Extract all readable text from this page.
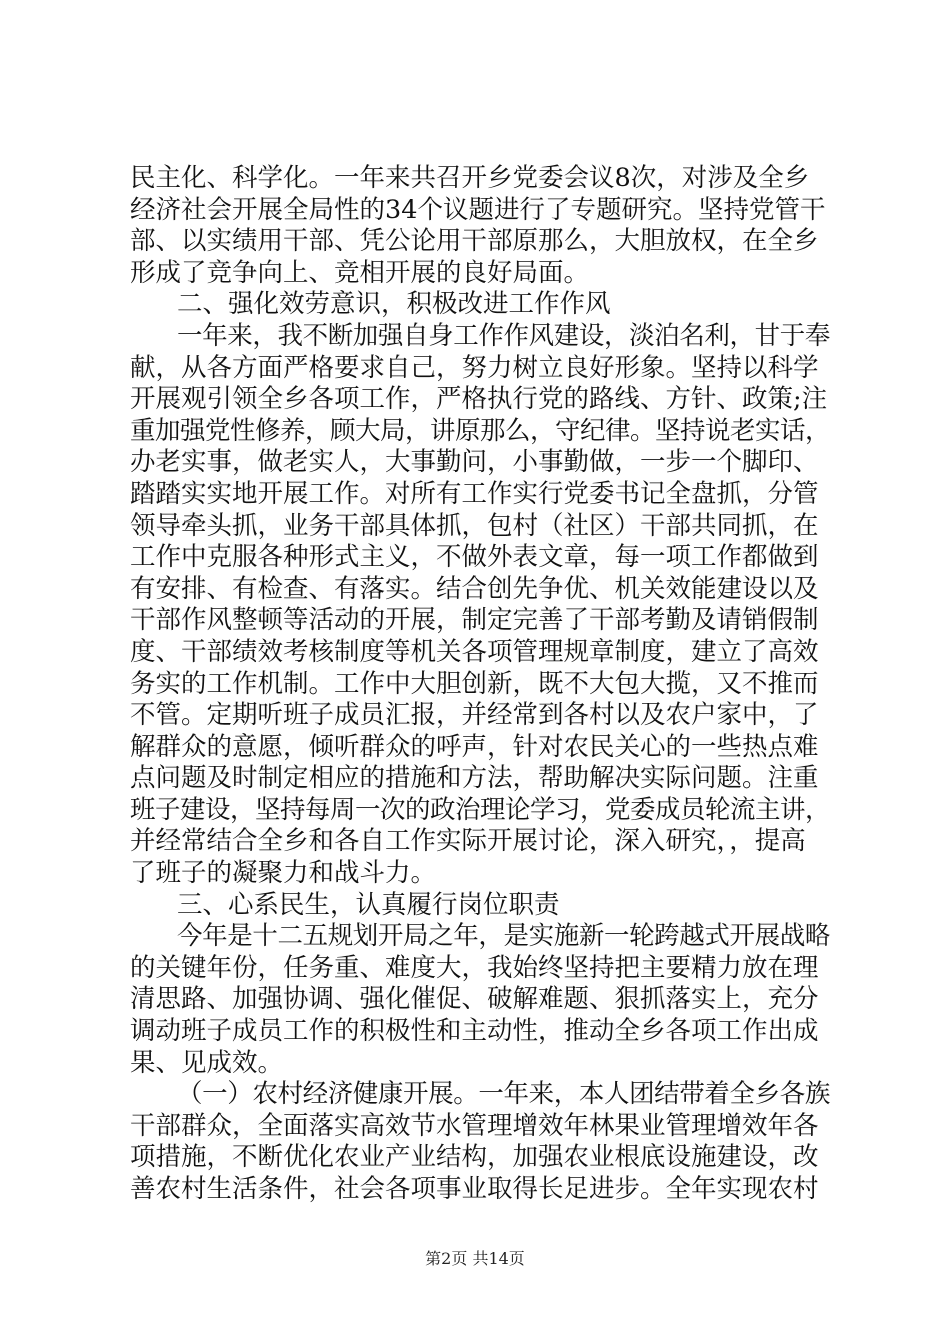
民主化、科学化。一年来共召开乡党委会议8次，对涉及全乡
经济社会开展全局性的34个议题进行了专题研究。坚持党管干
部、以实绩用干部、凭公论用干部原那么，大胆放权，在全乡
形成了竞争向上、竞相开展的良好局面。
二、强化效劳意识，积极改进工作作风
一年来，我不断加强自身工作作风建设，淡泊名利，甘于奉
献，从各方面严格要求自己，努力树立良好形象。坚持以科学
开展观引领全乡各项工作，严格执行党的路线、方针、政策;注
重加强党性修养，顾大局，讲原那么，守纪律。坚持说老实话，
办老实事，做老实人，大事勤问，小事勤做，一步一个脚印、
踏踏实实地开展工作。对所有工作实行党委书记全盘抓，分管
领导牵头抓，业务干部具体抓，包村（社区）干部共同抓，在
工作中克服各种形式主义，不做外表文章，每一项工作都做到
有安排、有检查、有落实。结合创先争优、机关效能建设以及
干部作风整顿等活动的开展，制定完善了干部考勤及请销假制
度、干部绩效考核制度等机关各项管理规章制度，建立了高效
务实的工作机制。工作中大胆创新，既不大包大揽，又不推而
不管。定期听班子成员汇报，并经常到各村以及农户家中，了
解群众的意愿，倾听群众的呼声，针对农民关心的一些热点难
点问题及时制定相应的措施和方法，帮助解决实际问题。注重
班子建设，坚持每周一次的政治理论学习，党委成员轮流主讲，
并经常结合全乡和各自工作实际开展讨论，深入研究，，提高
了班子的凝聚力和战斗力。
三、心系民生，认真履行岗位职责
今年是十二五规划开局之年，是实施新一轮跨越式开展战略
的关键年份，任务重、难度大，我始终坚持把主要精力放在理
清思路、加强协调、强化催促、破解难题、狠抓落实上，充分
调动班子成员工作的积极性和主动性，推动全乡各项工作出成
果、见成效。
（一）农村经济健康开展。一年来，本人团结带着全乡各族
干部群众，全面落实高效节水管理增效年林果业管理增效年各
项措施，不断优化农业产业结构，加强农业根底设施建设，改
善农村生活条件，社会各项事业取得长足进步。全年实现农村
第2页 共14页
